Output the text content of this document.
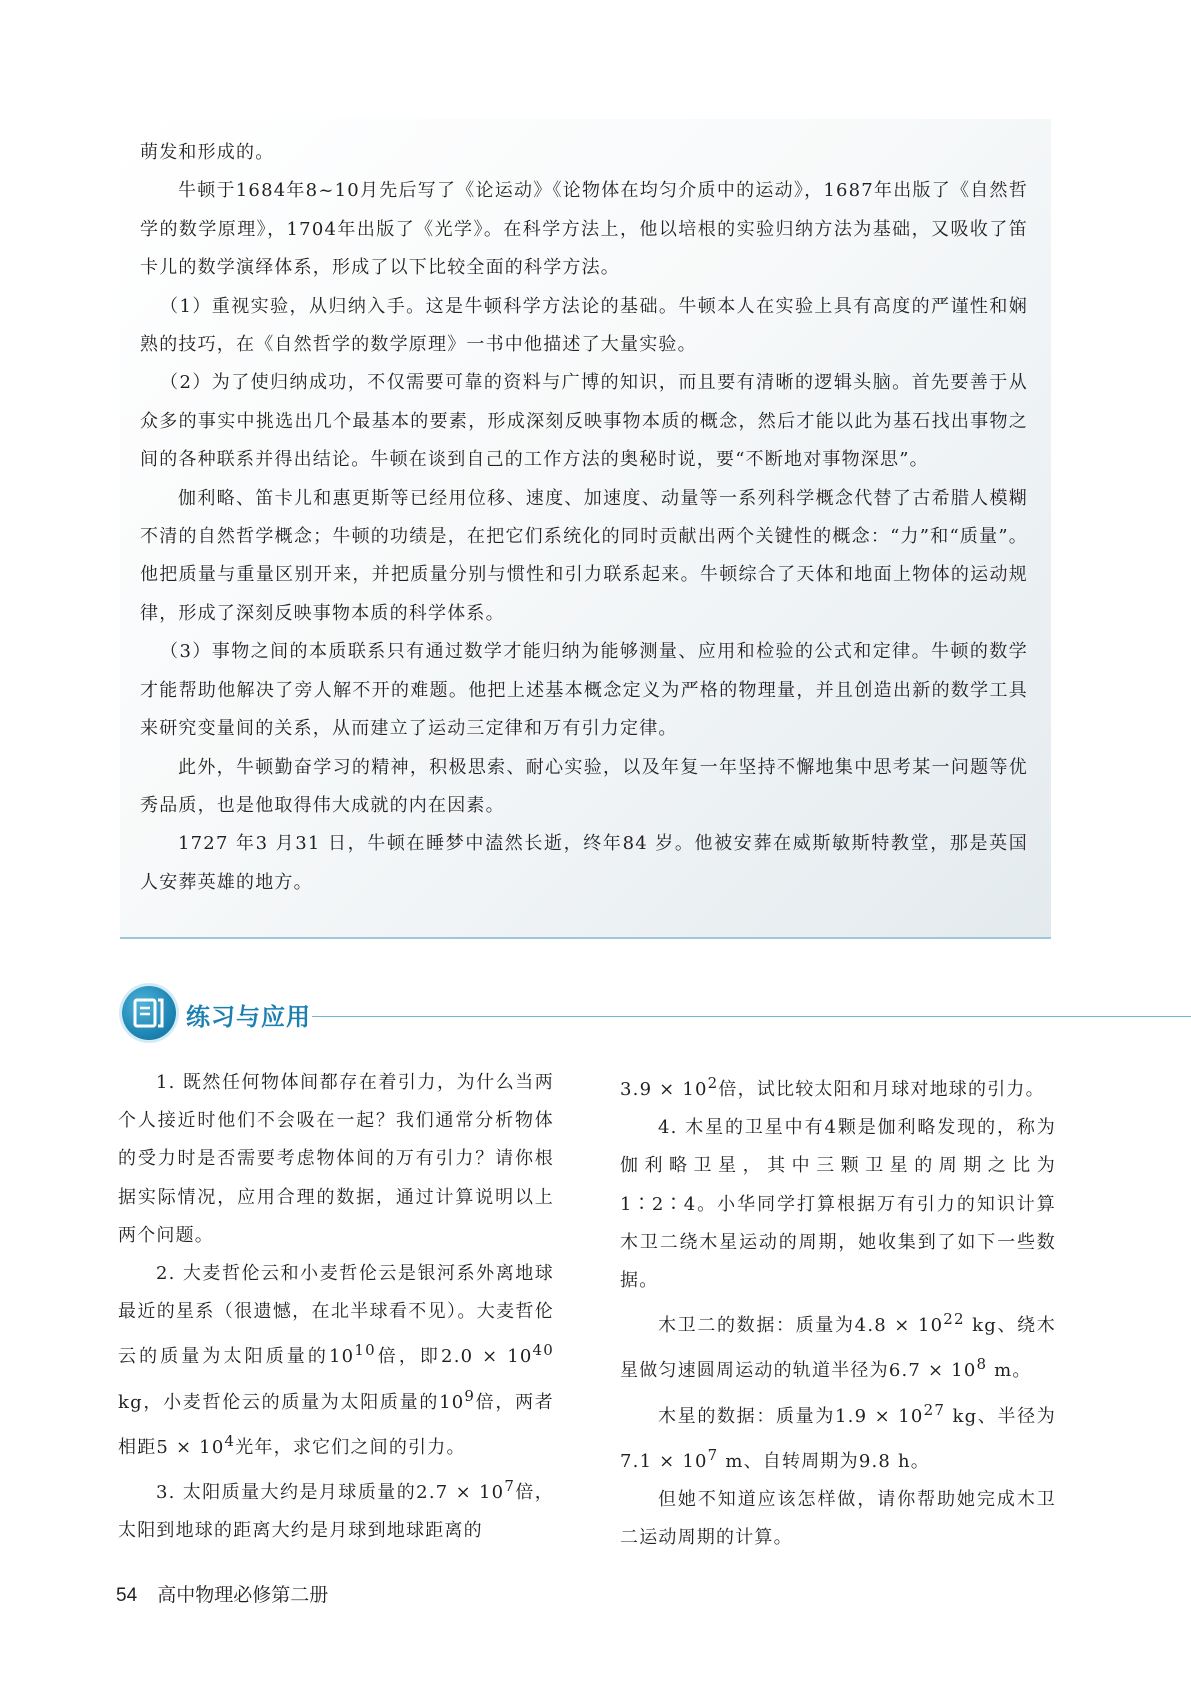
萌发和形成的。

牛顿于1684年8~10月先后写了《论运动》《论物体在均匀介质中的运动》，1687年出版了《自然哲学的数学原理》，1704年出版了《光学》。在科学方法上，他以培根的实验归纳方法为基础，又吸收了笛卡儿的数学演绎体系，形成了以下比较全面的科学方法。

（1）重视实验，从归纳入手。这是牛顿科学方法论的基础。牛顿本人在实验上具有高度的严谨性和娴熟的技巧，在《自然哲学的数学原理》一书中他描述了大量实验。

（2）为了使归纳成功，不仅需要可靠的资料与广博的知识，而且要有清晰的逻辑头脑。首先要善于从众多的事实中挑选出几个最基本的要素，形成深刻反映事物本质的概念，然后才能以此为基石找出事物之间的各种联系并得出结论。牛顿在谈到自己的工作方法的奥秘时说，要“不断地对事物深思”。

伽利略、笛卡儿和惠更斯等已经用位移、速度、加速度、动量等一系列科学概念代替了古希腊人模糊不清的自然哲学概念；牛顿的功绩是，在把它们系统化的同时贡献出两个关键性的概念：“力”和“质量”。他把质量与重量区别开来，并把质量分别与惯性和引力联系起来。牛顿综合了天体和地面上物体的运动规律，形成了深刻反映事物本质的科学体系。

（3）事物之间的本质联系只有通过数学才能归纳为能够测量、应用和检验的公式和定律。牛顿的数学才能帮助他解决了旁人解不开的难题。他把上述基本概念定义为严格的物理量，并且创造出新的数学工具来研究变量间的关系，从而建立了运动三定律和万有引力定律。

此外，牛顿勤奋学习的精神，积极思索、耐心实验，以及年复一年坚持不懈地集中思考某一问题等优秀品质，也是他取得伟大成就的内在因素。

1727 年3 月31 日，牛顿在睡梦中溘然长逝，终年84 岁。他被安葬在威斯敏斯特教堂，那是英国人安葬英雄的地方。

练习与应用

1. 既然任何物体间都存在着引力，为什么当两个人接近时他们不会吸在一起？我们通常分析物体的受力时是否需要考虑物体间的万有引力？请你根据实际情况，应用合理的数据，通过计算说明以上两个问题。

2. 大麦哲伦云和小麦哲伦云是银河系外离地球最近的星系（很遗憾，在北半球看不见）。大麦哲伦云的质量为太阳质量的$10^{10}$倍，即$2.0 \times 10^{40}$ kg，小麦哲伦云的质量为太阳质量的$10^9$倍，两者相距$5 \times 10^4$光年，求它们之间的引力。

3. 太阳质量大约是月球质量的$2.7 \times 10^7$倍，太阳到地球的距离大约是月球到地球距离的

$3.9 \times 10^2$倍，试比较太阳和月球对地球的引力。

4. 木星的卫星中有4颗是伽利略发现的，称为伽利略卫星，其中三颗卫星的周期之比为1∶2∶4。小华同学打算根据万有引力的知识计算木卫二绕木星运动的周期，她收集到了如下一些数据。

木卫二的数据：质量为$4.8 \times 10^{22}$ kg、绕木星做匀速圆周运动的轨道半径为$6.7 \times 10^8$ m。

木星的数据：质量为$1.9 \times 10^{27}$ kg、半径为$7.1 \times 10^7$ m、自转周期为9.8 h。

但她不知道应该怎样做，请你帮助她完成木卫二运动周期的计算。

54 高中物理必修第二册
